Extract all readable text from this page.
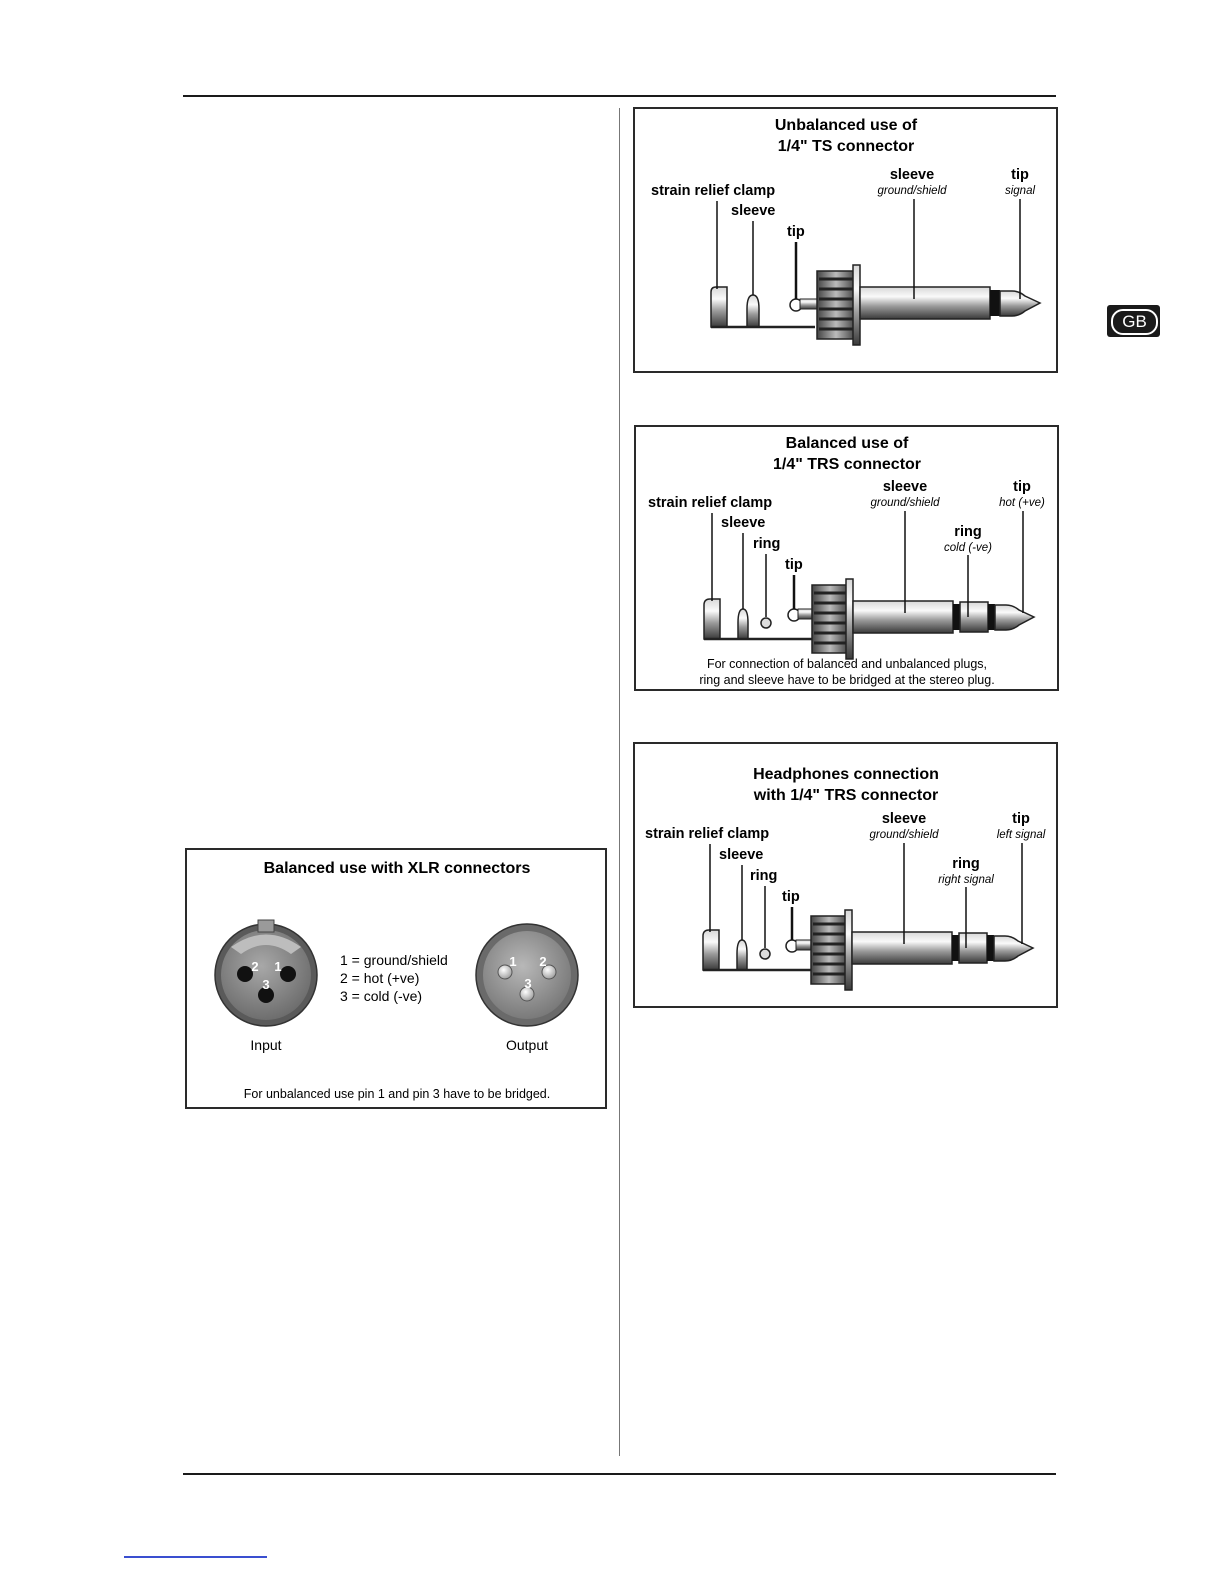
GB
Unbalanced use of
1/4" TS connector
strain relief clamp
sleeve
tip
sleeve
ground/shield
tip
signal
Balanced use of
1/4" TRS connector
strain relief clamp
sleeve
ring
tip
sleeve
ground/shield
tip
hot (+ve)
ring
cold (-ve)
For connection of balanced and unbalanced plugs,
ring and sleeve have to be bridged at the stereo plug.
Headphones connection
with 1/4" TRS connector
strain relief clamp
sleeve
ring
tip
sleeve
ground/shield
tip
left signal
ring
right signal
Balanced use with XLR connectors
2 1
3
1 2
3
1 = ground/shield
2 = hot (+ve)
3 = cold (-ve)
Input	Output
For unbalanced use pin 1 and pin 3 have to be bridged.
